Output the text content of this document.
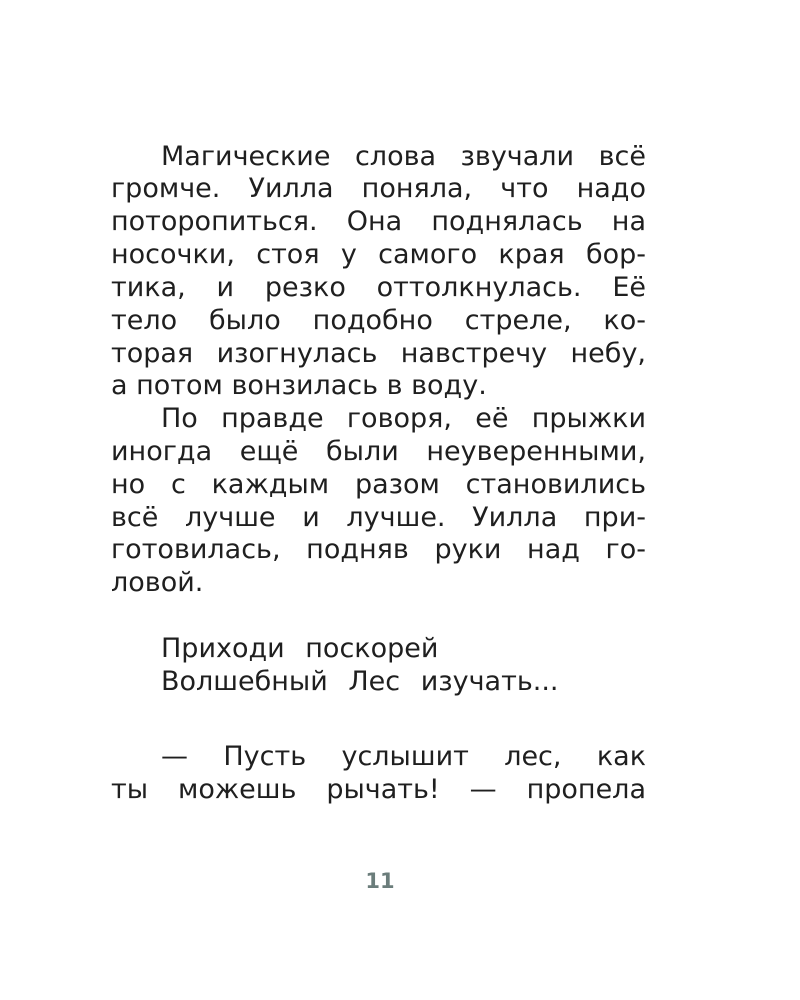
Магические слова звучали всё
громче. Уилла поняла, что надо
поторопиться. Она поднялась на
носочки, стоя у самого края бор-
тика, и резко оттолкнулась. Её
тело было подобно стреле, ко-
торая изогнулась навстречу небу,
а потом вонзилась в воду.
По правде говоря, её прыжки
иногда ещё были неуверенными,
но с каждым разом становились
всё лучше и лучше. Уилла при-
готовилась, подняв руки над го-
ловой.
Приходи поскорей
Волшебный Лес изучать...
— Пусть услышит лес, как
ты можешь рычать! — пропела
11
